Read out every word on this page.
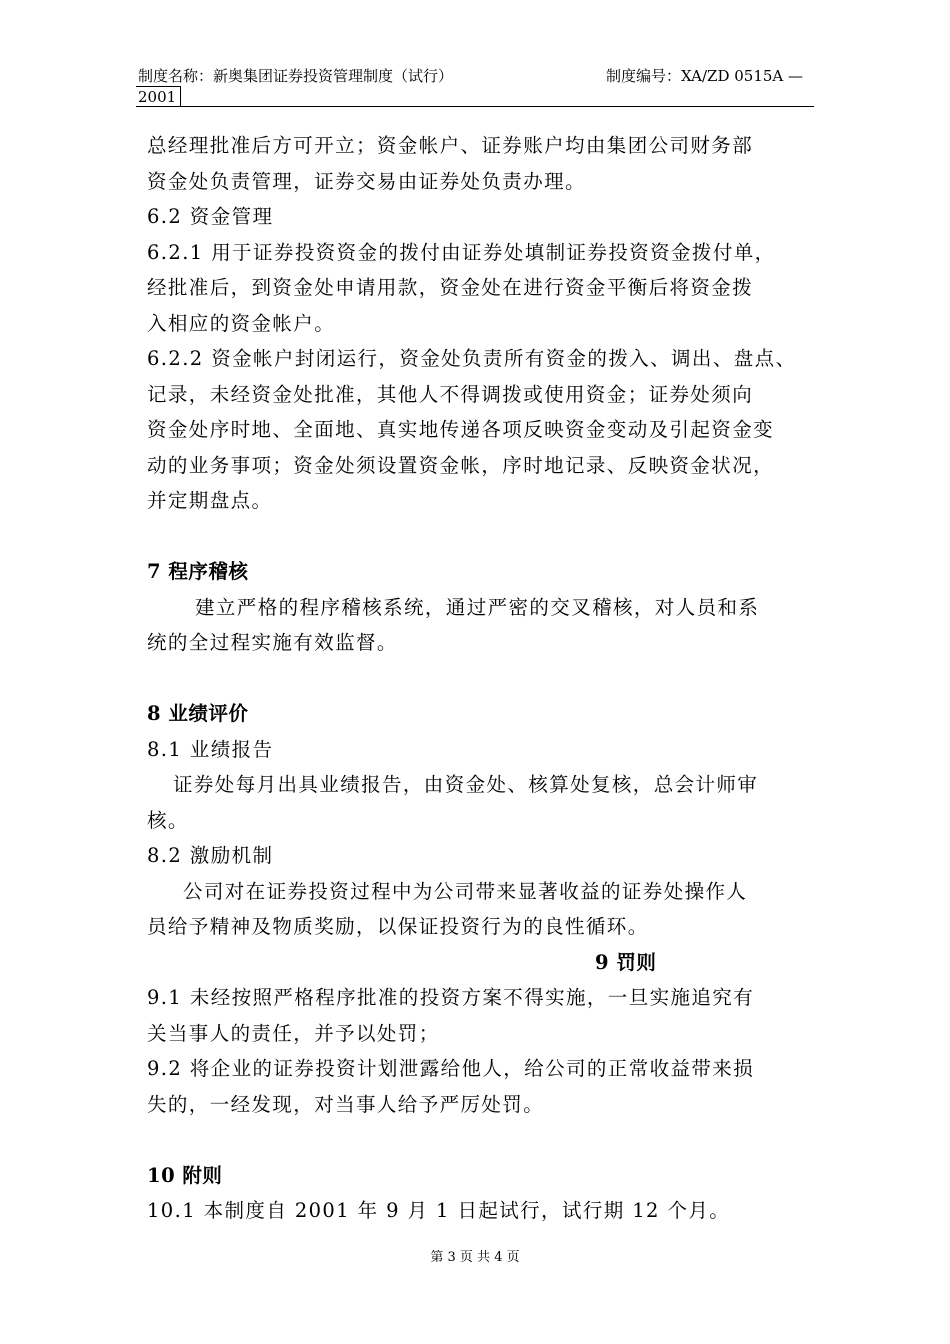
制度名称：新奥集团证券投资管理制度（试行）	制度编号：XA/ZD 0515A —
2001
总经理批准后方可开立；资金帐户、证券账户均由集团公司财务部
资金处负责管理，证券交易由证券处负责办理。
6.2 资金管理
6.2.1 用于证券投资资金的拨付由证券处填制证券投资资金拨付单，
经批准后，到资金处申请用款，资金处在进行资金平衡后将资金拨
入相应的资金帐户。
6.2.2 资金帐户封闭运行，资金处负责所有资金的拨入、调出、盘点、
记录，未经资金处批准，其他人不得调拨或使用资金；证券处须向
资金处序时地、全面地、真实地传递各项反映资金变动及引起资金变
动的业务事项；资金处须设置资金帐，序时地记录、反映资金状况，
并定期盘点。
7 程序稽核
建立严格的程序稽核系统，通过严密的交叉稽核，对人员和系
统的全过程实施有效监督。
8 业绩评价
8.1 业绩报告
证券处每月出具业绩报告，由资金处、核算处复核，总会计师审
核。
8.2 激励机制
公司对在证券投资过程中为公司带来显著收益的证券处操作人
员给予精神及物质奖励，以保证投资行为的良性循环。
9 罚则
9.1 未经按照严格程序批准的投资方案不得实施，一旦实施追究有
关当事人的责任，并予以处罚；
9.2 将企业的证券投资计划泄露给他人，给公司的正常收益带来损
失的，一经发现，对当事人给予严厉处罚。
10 附则
10.1 本制度自 2001 年 9 月 1 日起试行，试行期 12 个月。
第 3 页 共 4 页
